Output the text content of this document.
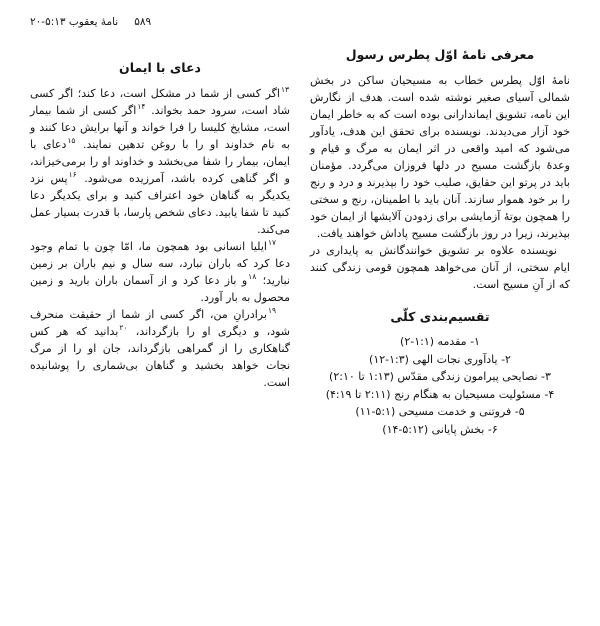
۵۸۹
نامۀ یعقوب ۵:۱۳-۲۰
معرفی نامۀ اوّل پطرس رسول

نامۀ اوّل پطرس خطاب به مسیحیان ساکن در بخش شمالی آسیای صغیر نوشته شده است. هدف از نگارش این نامه، تشویق ایماندارانی بوده است که به خاطر ایمان خود آزار می‌دیدند. نویسنده برای تحقق این هدف، یادآور می‌شود که امید واقعی در اثر ایمان به مرگ و قیام و وعدۀ بازگشت مسیح در دلها فروزان می‌گردد. مؤمنان باید در پرتو این حقایق، صلیب خود را بپذیرند و درد و رنج را بر خود هموار سازند. آنان باید با اطمینان، رنج و سختی را همچون بوتۀ آزمایشی برای زدودن آلایشها از ایمان خود بپذیرند، زیرا در روز بازگشت مسیح پاداش خواهند یافت.

نویسنده علاوه بر تشویق خوانندگانش به پایداری در ایام سختی، از آنان می‌خواهد همچون قومی زندگی کنند که از آنِ مسیح است.

تقسیم‌بندی کلّی
۱- مقدمه (۱:۱-۲)
۲- یادآوری نجات الهی (۱:۳-۱۲)
۳- نصایحی پیرامون زندگی مقدّس (۱:۱۳ تا ۲:۱۰)
۴- مسئولیت مسیحیان به هنگام رنج (۲:۱۱ تا ۴:۱۹)
۵- فروتنی و خدمت مسیحی (۵:۱-۱۱)
۶- بخش پایانی (۵:۱۲-۱۴)
دعای با ایمان

$^{۱۳}$اگر کسی از شما در مشکل است، دعا کند؛ اگر کسی شاد است، سرود حمد بخواند. $^{۱۴}$اگر کسی از شما بیمار است، مشایخ کلیسا را فرا خواند و آنها برایش دعا کنند و به نام خداوند او را با روغن تدهین نمایند. $^{۱۵}$دعای با ایمان، بیمار را شفا می‌بخشد و خداوند او را برمی‌خیزاند، و اگر گناهی کرده باشد، آمرزیده می‌شود. $^{۱۶}$پس نزد یکدیگر به گناهان خود اعتراف کنید و برای یکدیگر دعا کنید تا شفا یابید. دعای شخص پارسا، با قدرت بسیار عمل می‌کند.

$^{۱۷}$ایلیا انسانی بود همچون ما، امّا چون با تمام وجود دعا کرد که باران نبارد، سه سال و نیم باران بر زمین نبارید؛ $^{۱۸}$و باز دعا کرد و از آسمان باران بارید و زمین محصول به بار آورد.

$^{۱۹}$برادرانِ من، اگر کسی از شما از حقیقت منحرف شود، و دیگری او را بازگرداند، $^{۲۰}$بدانید که هر کس گناهکاری را از گمراهی بازگرداند، جان او را از مرگ نجات خواهد بخشید و گناهان بی‌شماری را پوشانیده است.
